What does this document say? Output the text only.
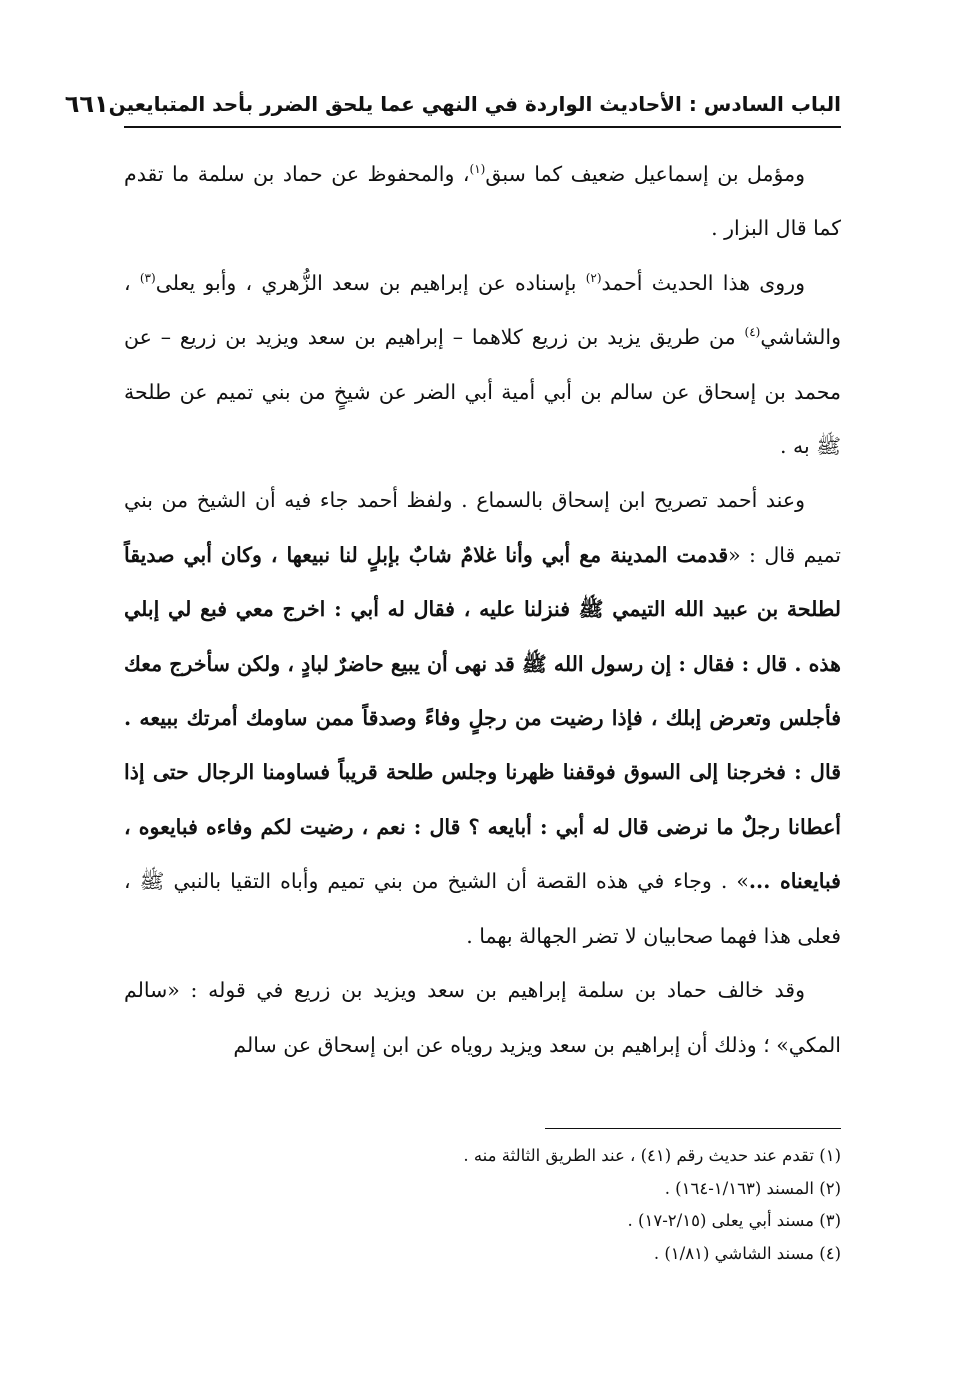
الباب السادس : الأحاديث الواردة في النهي عما يلحق الضرر بأحد المتبايعين
٦٦١

ومؤمل بن إسماعيل ضعيف كما سبق$^{(١)}$، والمحفوظ عن حماد بن سلمة ما تقدم كما قال البزار .

وروى هذا الحديث أحمد$^{(٢)}$ بإسناده عن إبراهيم بن سعد الزُّهري ، وأبو يعلى$^{(٣)}$ ، والشاشي$^{(٤)}$ من طريق يزيد بن زريع كلاهما – إبراهيم بن سعد ويزيد بن زريع – عن محمد بن إسحاق عن سالم بن أبي أمية أبي الضر عن شيخٍ من بني تميم عن طلحة ﷺ به .

وعند أحمد تصريح ابن إسحاق بالسماع . ولفظ أحمد جاء فيه أن الشيخ من بني تميم قال : «قدمت المدينة مع أبي وأنا غلامٌ شابٌ بإبلٍ لنا نبيعها ، وكان أبي صديقاً لطلحة بن عبيد الله التيمي ﷺ فنزلنا عليه ، فقال له أبي : اخرج معي فبع لي إبلي هذه . قال : فقال : إن رسول الله ﷺ قد نهى أن يبيع حاضرٌ لبادٍ ، ولكن سأخرج معك فأجلس وتعرض إبلك ، فإذا رضيت من رجلٍ وفاءً وصدقاً ممن ساومك أمرتك ببيعه . قال : فخرجنا إلى السوق فوقفنا ظهرنا وجلس طلحة قريباً فساومنا الرجال حتى إذا أعطانا رجلٌ ما نرضى قال له أبي : أبايعه ؟ قال : نعم ، رضيت لكم وفاءه فبايعوه ، فبايعناه ...» . وجاء في هذه القصة أن الشيخ من بني تميم وأباه التقيا بالنبي ﷺ ، فعلى هذا فهما صحابيان لا تضر الجهالة بهما .

وقد خالف حماد بن سلمة إبراهيم بن سعد ويزيد بن زريع في قوله : «سالم المكي» ؛ وذلك أن إبراهيم بن سعد ويزيد روياه عن ابن إسحاق عن سالم

(١) تقدم عند حديث رقم (٤١) ، عند الطريق الثالثة منه .
(٢) المسند (١/١٦٣-١٦٤) .
(٣) مسند أبي يعلى (٢/١٥-١٧) .
(٤) مسند الشاشي (١/٨١) .
